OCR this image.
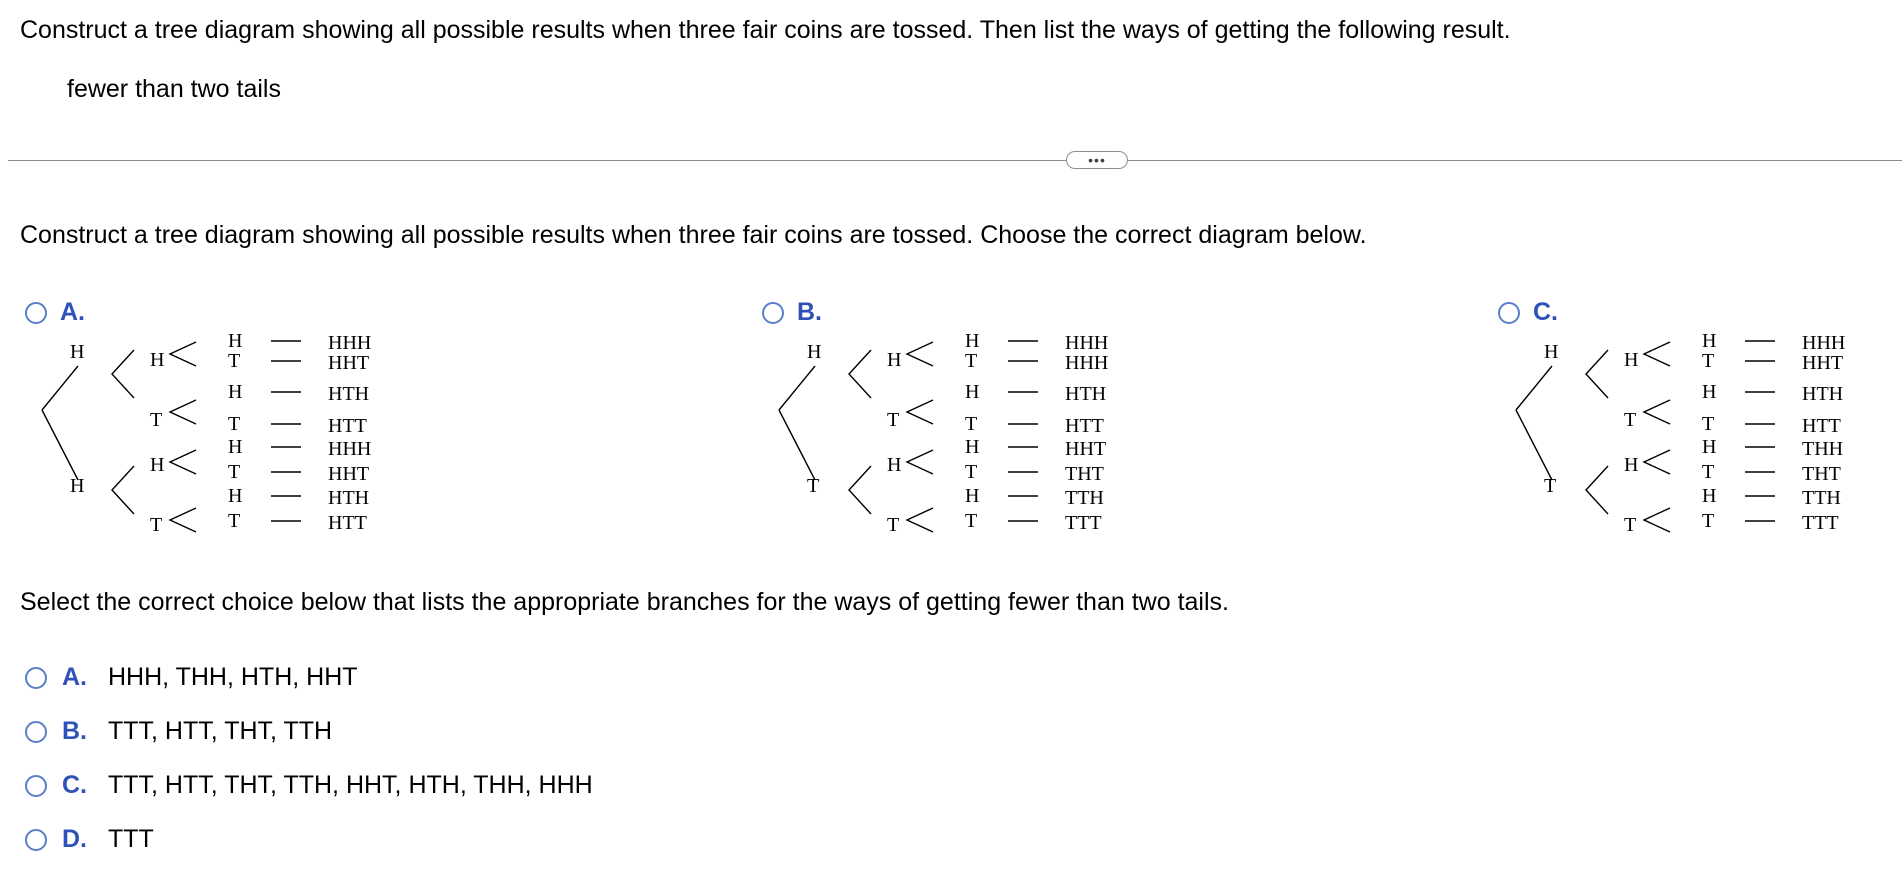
Construct a tree diagram showing all possible results when three fair coins are tossed. Then list the ways of getting the following result.
fewer than two tails
•••
Construct a tree diagram showing all possible results when three fair coins are tossed. Choose the correct diagram below.
A.
H
H
H
T
H
T
H	HHH
T	HHT
H	HTH
T	HTT
H	HHH
T	HHT
H	HTH
T	HTT
B.
H
T
H
T
H
T
H	HHH
T	HHH
H	HTH
T	HTT
H	HHT
T	THT
H	TTH
T	TTT
C.
H
T
H
T
H
T
H	HHH
T	HHT
H	HTH
T	HTT
H	THH
T	THT
H	TTH
T	TTT
Select the correct choice below that lists the appropriate branches for the ways of getting fewer than two tails.
A. HHH, THH, HTH, HHT
B. TTT, HTT, THT, TTH
C. TTT, HTT, THT, TTH, HHT, HTH, THH, HHH
D. TTT
